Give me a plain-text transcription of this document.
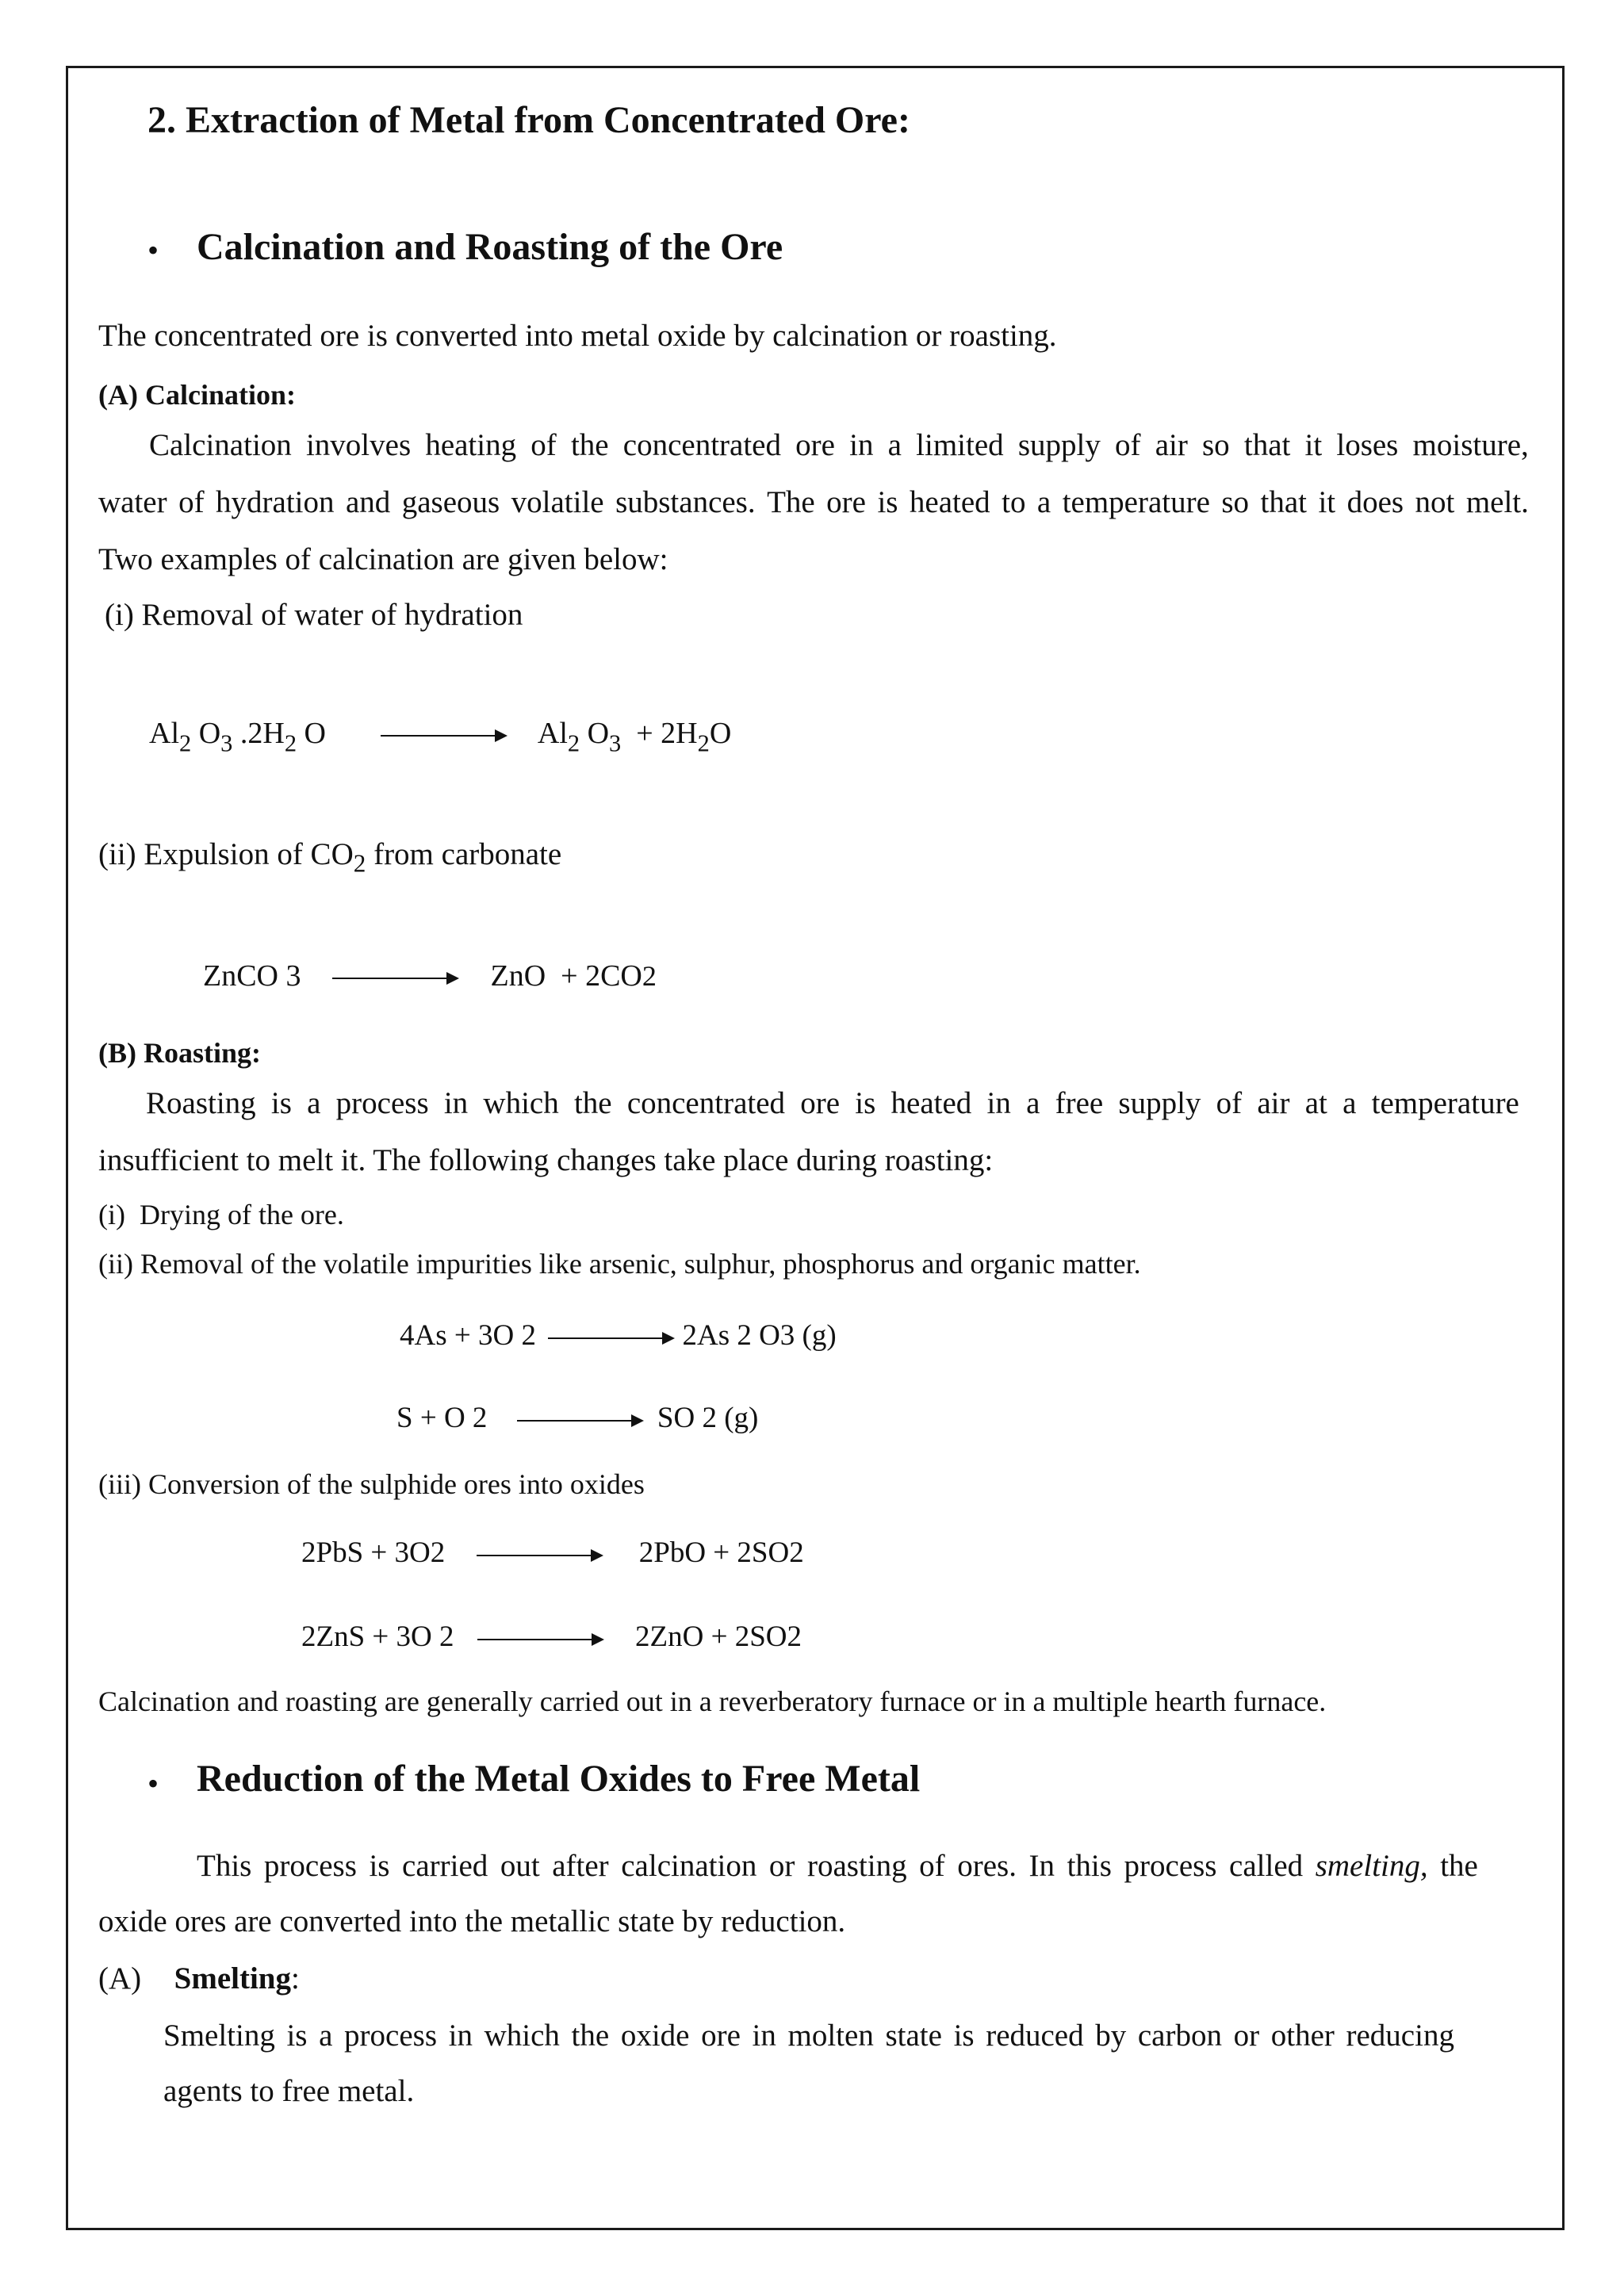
2. Extraction of Metal from Concentrated Ore:
• Calcination and Roasting of the Ore
The concentrated ore is converted into metal oxide by calcination or roasting.
(A) Calcination:
Calcination involves heating of the concentrated ore in a limited supply of air so that it loses moisture,
water of hydration and gaseous volatile substances. The ore is heated to a temperature so that it does not melt.
Two examples of calcination are given below:
(i) Removal of water of hydration
$Al_2$ $O_3$ $.2H_2$ O	$Al_2$ $O_3 + 2H_2O$
(ii) Expulsion of $CO_2$ from carbonate
ZnCO 3	ZnO  + 2CO2
(B) Roasting:
Roasting is a process in which the concentrated ore is heated in a free supply of air at a temperature
insufficient to melt it. The following changes take place during roasting:
(i)  Drying of the ore.
(ii) Removal of the volatile impurities like arsenic, sulphur, phosphorus and organic matter.
4As + 3O 2	2As 2 O3 (g)
S + O 2	SO 2 (g)
(iii) Conversion of the sulphide ores into oxides
2PbS + 3O2	2PbO + 2SO2
2ZnS + 3O 2	2ZnO + 2SO2
Calcination and roasting are generally carried out in a reverberatory furnace or in a multiple hearth furnace.
• Reduction of the Metal Oxides to Free Metal
This process is carried out after calcination or roasting of ores. In this process called smelting, the
oxide ores are converted into the metallic state by reduction.
(A) Smelting:
Smelting is a process in which the oxide ore in molten state is reduced by carbon or other reducing
agents to free metal.
